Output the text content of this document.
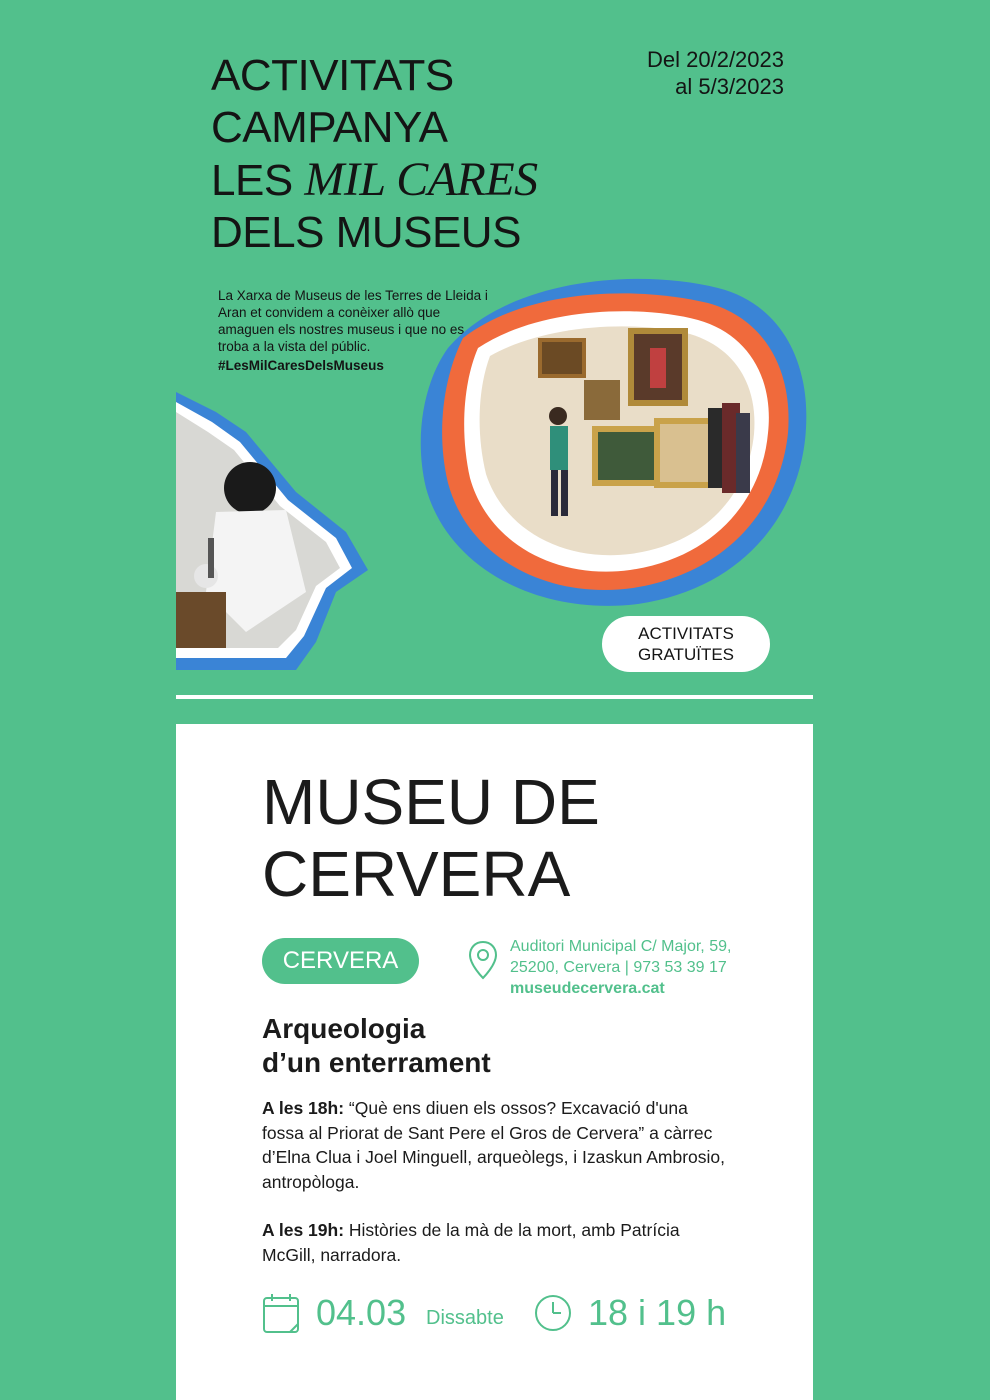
ACTIVITATS
CAMPANYA
LES MIL CARES
DELS MUSEUS
Del 20/2/2023
al 5/3/2023
La Xarxa de Museus de les Terres de Lleida i Aran et convidem a conèixer allò que amaguen els nostres museus i que no es troba a la vista del públic.
#LesMilCaresDelsMuseus
ACTIVITATS
GRATUÏTES
MUSEU DE
CERVERA
CERVERA
Auditori Municipal C/ Major, 59,
25200, Cervera | 973 53 39 17
museudecervera.cat
Arqueologia
d’un enterrament

A les 18h: “Què ens diuen els ossos? Excavació d'una fossa al Priorat de Sant Pere el Gros de Cervera” a càrrec d’Elna Clua i Joel Minguell, arqueòlegs, i Izaskun Ambrosio, antropòloga.

A les 19h: Històries de la mà de la mort, amb Patrícia McGill, narradora.

04.03 Dissabte 18 i 19 h
